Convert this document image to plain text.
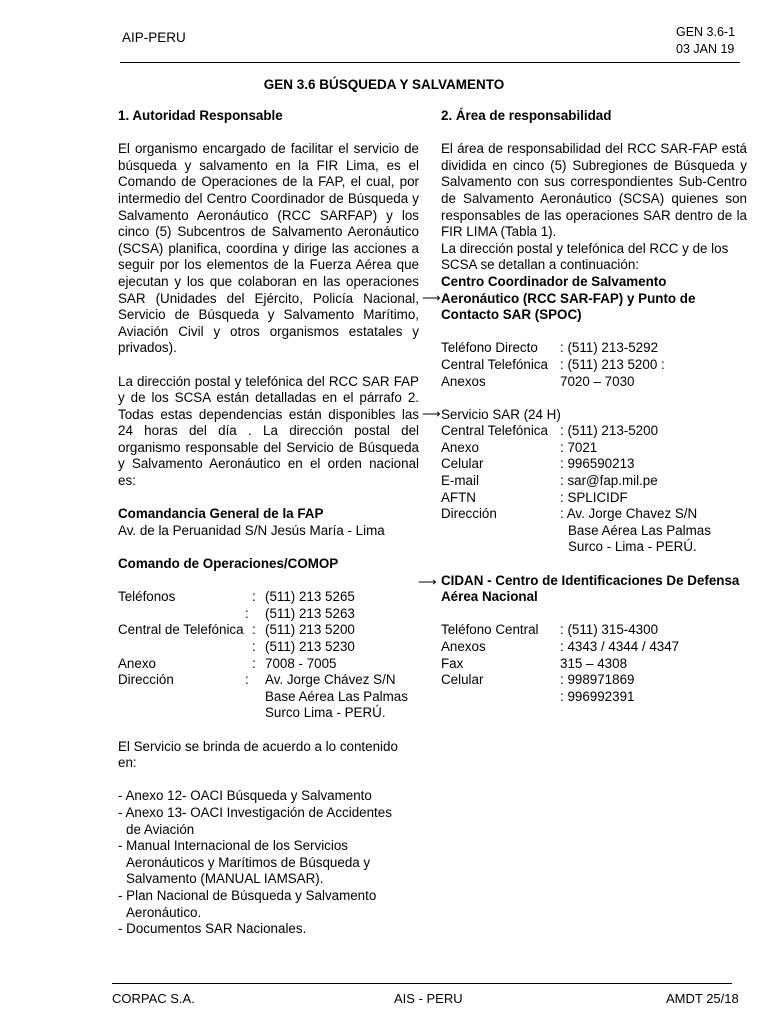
AIP-PERU	GEN 3.6-1
03 JAN 19
GEN 3.6 BÚSQUEDA Y SALVAMENTO

1. Autoridad Responsable

El organismo encargado de facilitar el servicio de búsqueda y salvamento en la FIR Lima, es el Comando de Operaciones de la FAP, el cual, por intermedio del Centro Coordinador de Búsqueda y Salvamento Aeronáutico (RCC SARFAP) y los cinco (5) Subcentros de Salvamento Aeronáutico (SCSA) planifica, coordina y dirige las acciones a seguir por los elementos de la Fuerza Aérea que ejecutan y los que colaboran en las operaciones SAR (Unidades del Ejército, Policía Nacional, Servicio de Búsqueda y Salvamento Marítimo, Aviación Civil y otros organismos estatales y privados).

La dirección postal y telefónica del RCC SAR FAP y de los SCSA están detalladas en el párrafo 2. Todas estas dependencias están disponibles las 24 horas del día . La dirección postal del organismo responsable del Servicio de Búsqueda y Salvamento Aeronáutico en el orden nacional es:

Comandancia General de la FAP

Av. de la Peruanidad S/N Jesús María - Lima

Comando de Operaciones/COMOP

Teléfonos	: (511) 213 5265
:	(511) 213 5263
Central de Telefónica : (511) 213 5200
: (511) 213 5230
Anexo	: 7008 - 7005
Dirección	:	Av. Jorge Chávez S/N
Base Aérea Las Palmas
Surco Lima - PERÚ.

El Servicio se brinda de acuerdo a lo contenido en:

- Anexo 12- OACI Búsqueda y Salvamento

- Anexo 13- OACI Investigación de Accidentes de Aviación

- Manual Internacional de los Servicios Aeronáuticos y Marítimos de Búsqueda y Salvamento (MANUAL IAMSAR).

- Plan Nacional de Búsqueda y Salvamento Aeronáutico.

- Documentos SAR Nacionales.

⟶
⟶
⟶

2. Área de responsabilidad

El área de responsabilidad del RCC SAR-FAP está dividida en cinco (5) Subregiones de Búsqueda y Salvamento con sus correspondientes Sub-Centro de Salvamento Aeronáutico (SCSA) quienes son responsables de las operaciones SAR dentro de la FIR LIMA (Tabla 1).

La dirección postal y telefónica del RCC y de los SCSA se detallan a continuación:

Centro Coordinador de Salvamento Aeronáutico (RCC SAR-FAP) y Punto de Contacto SAR (SPOC)

Teléfono Directo	: (511) 213-5292
Central Telefónica : (511) 213 5200 :
Anexos	7020 – 7030

Servicio SAR (24 H)

Central Telefónica : (511) 213-5200
Anexo	: 7021
Celular	: 996590213
E-mail	: sar@fap.mil.pe
AFTN	: SPLICIDF
Dirección	: Av. Jorge Chavez S/N
Base Aérea Las Palmas
Surco - Lima - PERÚ.

CIDAN - Centro de Identificaciones De Defensa Aérea Nacional

Teléfono Central	: (511) 315-4300
Anexos	: 4343 / 4344 / 4347
Fax	315 – 4308
Celular	: 998971869
: 996992391
CORPAC S.A.	AIS - PERU	AMDT 25/18
